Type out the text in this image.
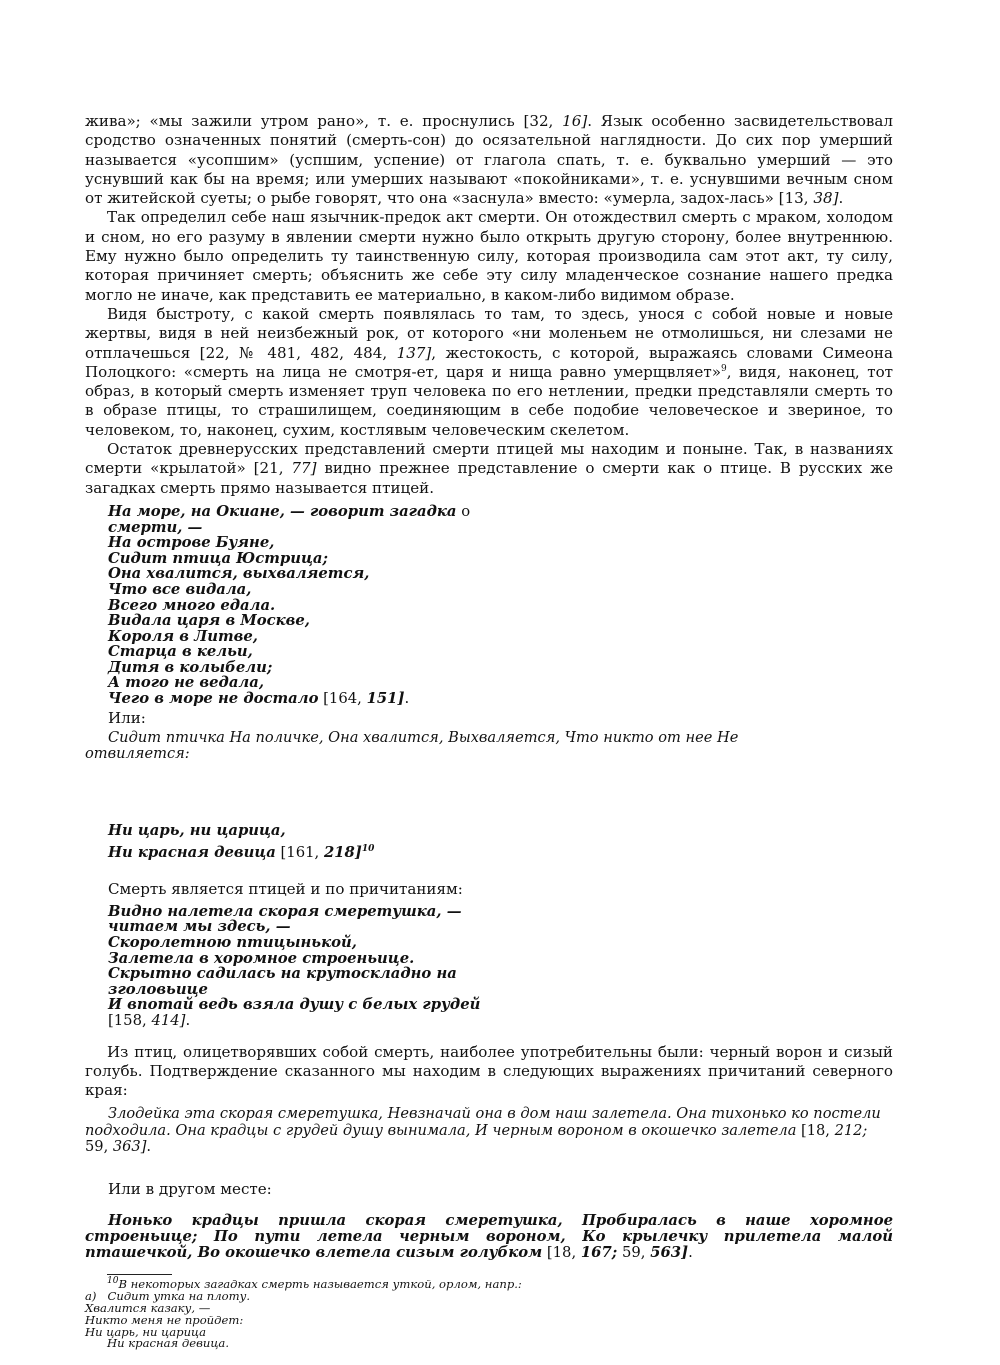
жива»; «мы зажили утром рано», т. е. проснулись [32, 16]. Язык особенно засвидетельствовал сродство означенных понятий (смерть-сон) до осязательной наглядности. До сих пор умерший называется «усопшим» (успшим, успение) от глагола спать, т. е. буквально умерший — это уснувший как бы на время; или умерших называют «покойниками», т. е. уснувшими вечным сном от житейской суеты; о рыбе говорят, что она «заснула» вместо: «умерла, задох-лась» [13, 38].

Так определил себе наш язычник-предок акт смерти. Он отождествил смерть с мраком, холодом и сном, но его разуму в явлении смерти нужно было открыть другую сторону, более внутреннюю. Ему нужно было определить ту таинственную силу, которая производила сам этот акт, ту силу, которая причиняет смерть; объяснить же себе эту силу младенческое сознание нашего предка могло не иначе, как представить ее материально, в каком-либо видимом образе.

Видя быстроту, с какой смерть появлялась то там, то здесь, унося с собой новые и новые жертвы, видя в ней неизбежный рок, от которого «ни моленьем не отмолишься, ни слезами не отплачешься [22, № 481, 482, 484, 137], жестокость, с которой, выражаясь словами Симеона Полоцкого: «смерть на лица не смотря-ет, царя и нища равно умерщвляет»$^9$, видя, наконец, тот образ, в который смерть изменяет труп человека по его нетлении, предки представляли смерть то в образе птицы, то страшилищем, соединяющим в себе подобие человеческое и звериное, то человеком, то, наконец, сухим, костлявым человеческим скелетом.

Остаток древнерусских представлений смерти птицей мы находим и поныне. Так, в названиях смерти «крылатой» [21, 77] видно прежнее представление о смерти как о птице. В русских же загадках смерть прямо называется птицей.

На море, на Окиане, — говорит загадка о
смерти, —
На острове Буяне,
Сидит птица Юстрица;
Она хвалится, выхваляется,
Что все видала,
Всего много едала.
Видала царя в Москве,
Короля в Литве,
Старца в кельи,
Дитя в колыбели;
А того не ведала,
Чего в море не достало [164, 151].

Или:

Сидит птичка На поличке, Она хвалится, Выхваляется, Что никто от нее Не отвиляется:

Ни царь, ни царица,
Ни красная девица [161, 218]$^{10}$

Смерть является птицей и по причитаниям:

Видно налетела скорая смеретушка, —
читаем мы здесь, —
Скоролетною птицынькой,
Залетела в хоромное строеньице.
Скрытно садилась на крутоскладно на
зголовьице
И впотай ведь взяла душу с белых грудей
[158, 414].

Из птиц, олицетворявших собой смерть, наиболее употребительны были: черный ворон и сизый голубь. Подтверждение сказанного мы находим в следующих выражениях причитаний северного края:

Злодейка эта скорая смеретушка, Невзначай она в дом наш залетела. Она тихонько ко постели подходила. Она крадцы с грудей душу вынимала, И черным вороном в окошечко залетела [18, 212; 59, 363].

Или в другом месте:

Нонько крадцы пришла скорая смеретушка, Пробиралась в наше хоромное строеньице; По пути летела черным вороном, Ко крылечку прилетела малой пташечкой, Во окошечко влетела сизым голубком [18, 167; 59, 563].

$^{10}$В некоторых загадках смерть называется уткой, орлом, напр.:
а)   Сидит утка на плоту.
Хвалится казаку, —
Никто меня не пройдет:
Ни царь, ни царица
Ни красная девица.
